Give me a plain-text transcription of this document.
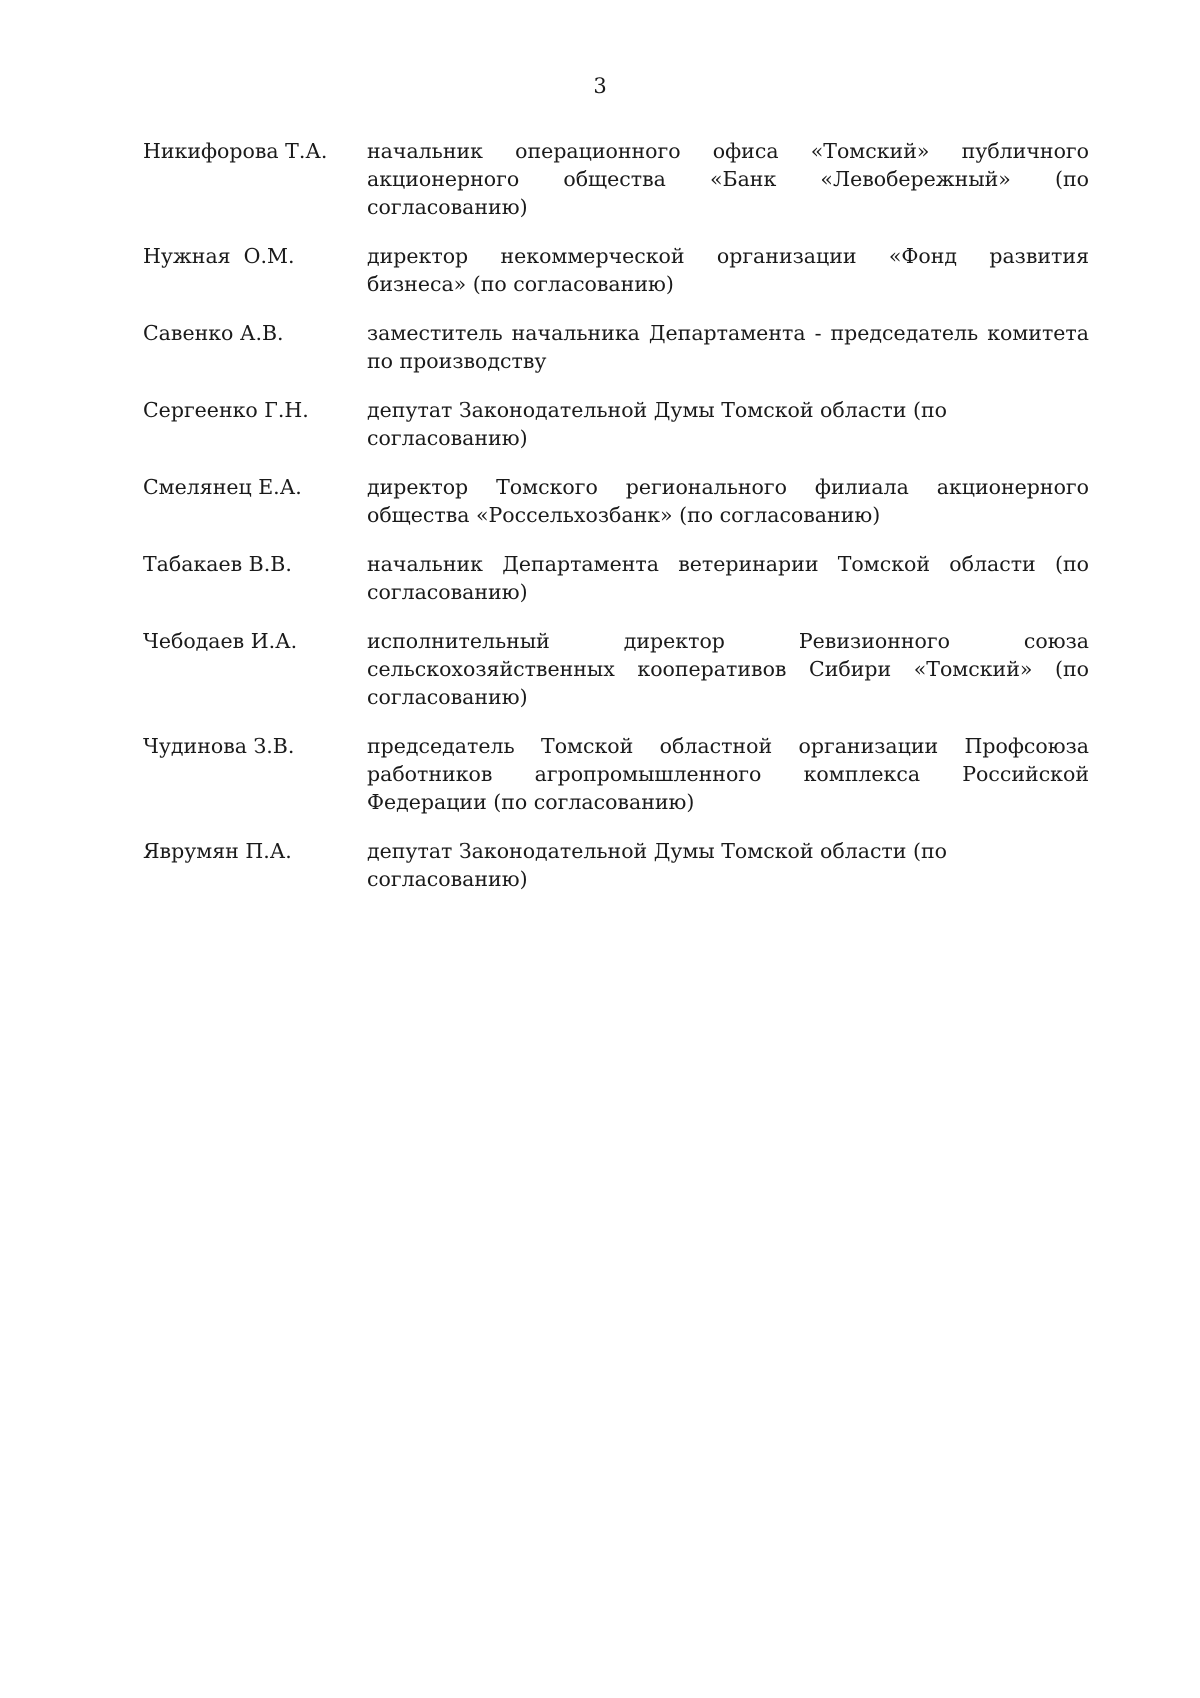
3
Никифорова Т.А.	начальник операционного офиса «Томский» публичного акционерного общества «Банк «Левобережный» (по согласованию)
Нужная  О.М.	директор некоммерческой организации «Фонд развития бизнеса» (по согласованию)
Савенко А.В.	заместитель начальника Департамента - председатель комитета по производству
Сергеенко Г.Н.	депутат Законодательной Думы Томской области (по согласованию)
Смелянец Е.А.	директор Томского регионального филиала акционерного общества «Россельхозбанк» (по согласованию)
Табакаев В.В.	начальник Департамента ветеринарии Томской области (по согласованию)
Чебодаев И.А.	исполнительный директор Ревизионного союза сельскохозяйственных кооперативов Сибири «Томский» (по согласованию)
Чудинова З.В.	председатель Томской областной организации Профсоюза работников агропромышленного комплекса Российской Федерации (по согласованию)
Яврумян П.А.	депутат Законодательной Думы Томской области (по согласованию)
